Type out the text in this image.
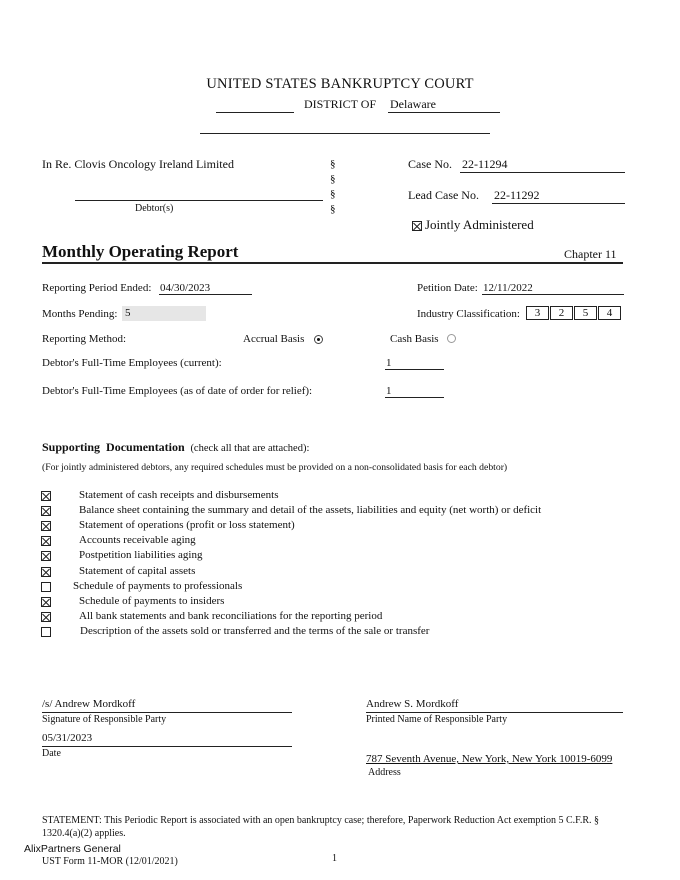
UNITED STATES BANKRUPTCY COURT
DISTRICT OF Delaware
In Re. Clovis Oncology Ireland Limited
Debtor(s)
§
§
§
§
Case No. 22-11294
Lead Case No. 22-11292
Jointly Administered
Monthly Operating Report	Chapter 11
Reporting Period Ended: 04/30/2023	Petition Date: 12/11/2022
Months Pending: 5	Industry Classification:	3	2	5	4
Reporting Method:	Accrual Basis	Cash Basis
Debtor's Full-Time Employees (current):	1
Debtor's Full-Time Employees (as of date of order for relief):	1
Supporting  Documentation (check all that are attached):
(For jointly administered debtors, any required schedules must be provided on a non-consolidated basis for each debtor)
Statement of cash receipts and disbursements
Balance sheet containing the summary and detail of the assets, liabilities and equity (net worth) or deficit
Statement of operations (profit or loss statement)
Accounts receivable aging
Postpetition liabilities aging
Statement of capital assets
Schedule of payments to professionals
Schedule of payments to insiders
All bank statements and bank reconciliations for the reporting period
Description of the assets sold or transferred and the terms of the sale or transfer
/s/ Andrew Mordkoff
Signature of Responsible Party
Andrew S. Mordkoff
Printed Name of Responsible Party
05/31/2023
Date	787 Seventh Avenue, New York, New York 10019-6099
Address
STATEMENT: This Periodic Report is associated with an open bankruptcy case; therefore, Paperwork Reduction Act exemption 5 C.F.R. § 1320.4(a)(2) applies.
AlixPartners General
UST Form 11-MOR (12/01/2021)	1
